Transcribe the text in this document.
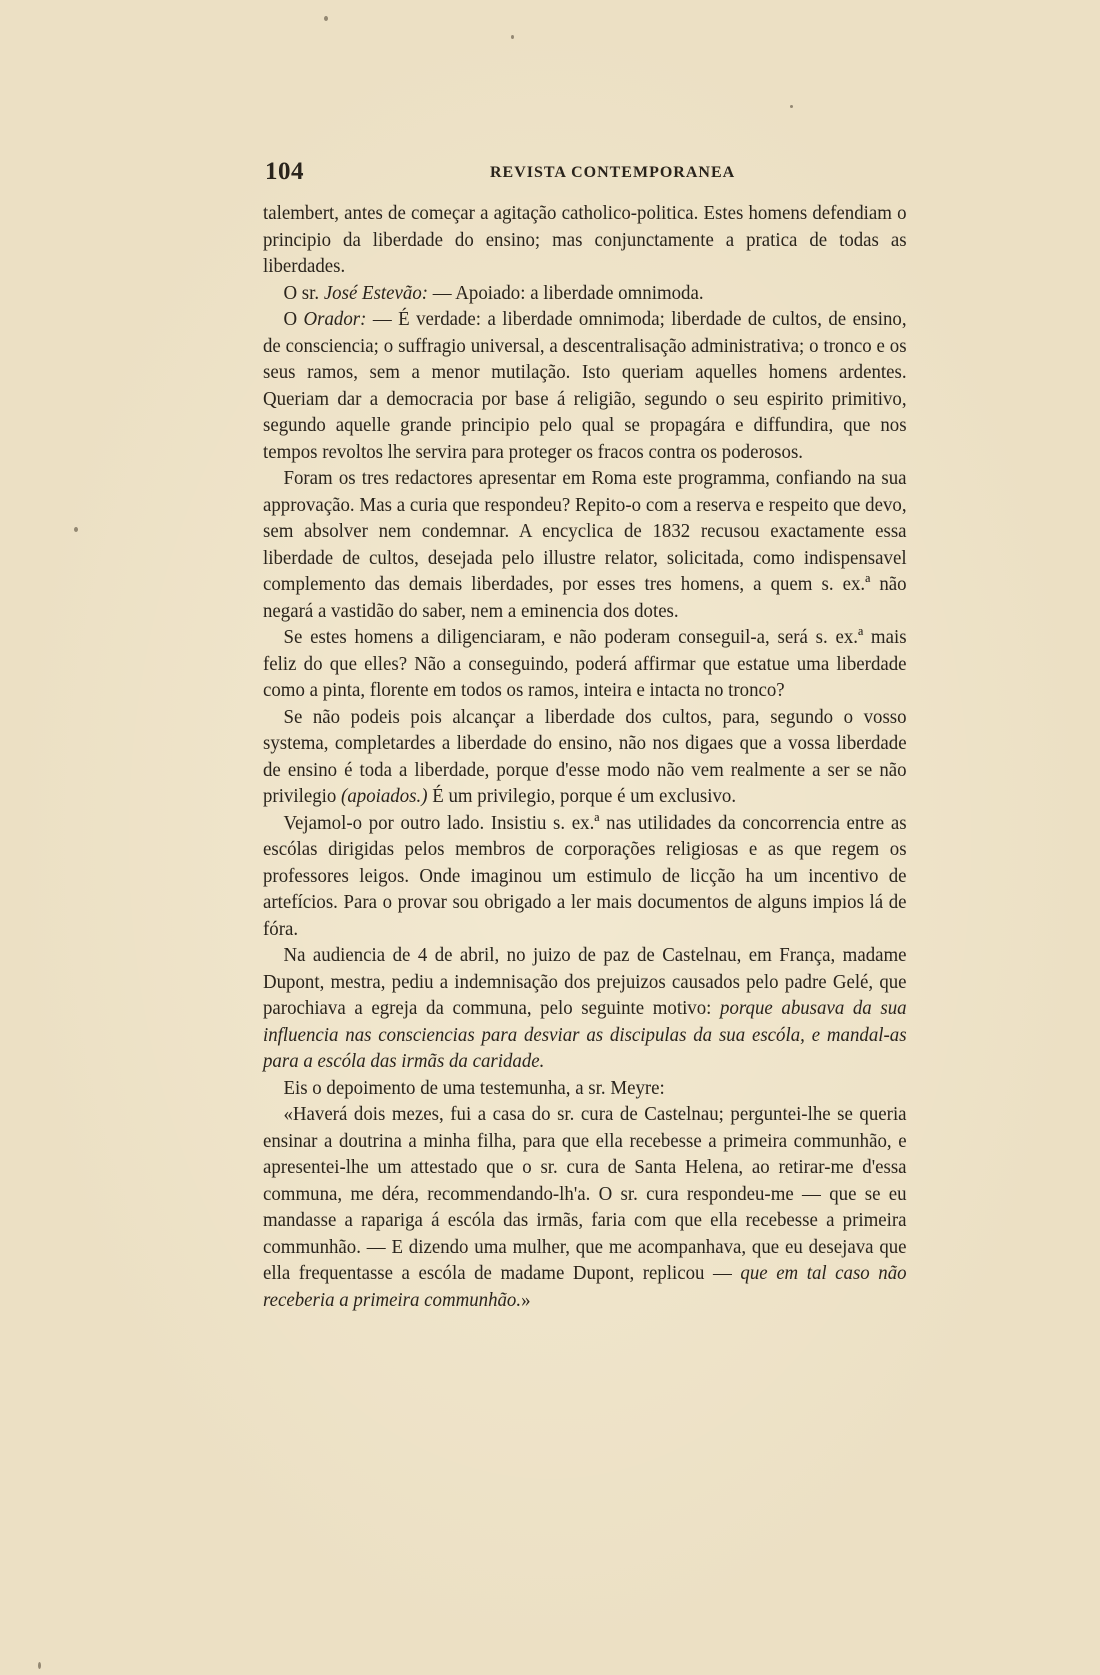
104	REVISTA CONTEMPORANEA

talembert, antes de começar a agitação catholico-politica. Estes homens defendiam o principio da liberdade do ensino; mas conjunctamente a pratica de todas as liberdades.

O sr. José Estevão: — Apoiado: a liberdade omnimoda.

O Orador: — É verdade: a liberdade omnimoda; liberdade de cultos, de ensino, de consciencia; o suffragio universal, a descentralisação administrativa; o tronco e os seus ramos, sem a menor mutilação. Isto queriam aquelles homens ardentes. Queriam dar a democracia por base á religião, segundo o seu espirito primitivo, segundo aquelle grande principio pelo qual se propagára e diffundira, que nos tempos revoltos lhe servira para proteger os fracos contra os poderosos.

Foram os tres redactores apresentar em Roma este programma, confiando na sua approvação. Mas a curia que respondeu? Repito-o com a reserva e respeito que devo, sem absolver nem condemnar. A encyclica de 1832 recusou exactamente essa liberdade de cultos, desejada pelo illustre relator, solicitada, como indispensavel complemento das demais liberdades, por esses tres homens, a quem s. ex.ª não negará a vastidão do saber, nem a eminencia dos dotes.

Se estes homens a diligenciaram, e não poderam conseguil-a, será s. ex.ª mais feliz do que elles? Não a conseguindo, poderá affirmar que estatue uma liberdade como a pinta, florente em todos os ramos, inteira e intacta no tronco?

Se não podeis pois alcançar a liberdade dos cultos, para, segundo o vosso systema, completardes a liberdade do ensino, não nos digaes que a vossa liberdade de ensino é toda a liberdade, porque d'esse modo não vem realmente a ser se não privilegio (apoiados.) É um privilegio, porque é um exclusivo.

Vejamol-o por outro lado. Insistiu s. ex.ª nas utilidades da concorrencia entre as escólas dirigidas pelos membros de corporações religiosas e as que regem os professores leigos. Onde imaginou um estimulo de licção ha um incentivo de artefícios. Para o provar sou obrigado a ler mais documentos de alguns impios lá de fóra.

Na audiencia de 4 de abril, no juizo de paz de Castelnau, em França, madame Dupont, mestra, pediu a indemnisação dos prejuizos causados pelo padre Gelé, que parochiava a egreja da communa, pelo seguinte motivo: porque abusava da sua influencia nas consciencias para desviar as discipulas da sua escóla, e mandal-as para a escóla das irmãs da caridade.

Eis o depoimento de uma testemunha, a sr. Meyre:

«Haverá dois mezes, fui a casa do sr. cura de Castelnau; perguntei-lhe se queria ensinar a doutrina a minha filha, para que ella recebesse a primeira communhão, e apresentei-lhe um attestado que o sr. cura de Santa Helena, ao retirar-me d'essa communa, me déra, recommendando-lh'a. O sr. cura respondeu-me — que se eu mandasse a rapariga á escóla das irmãs, faria com que ella recebesse a primeira communhão. — E dizendo uma mulher, que me acompanhava, que eu desejava que ella frequentasse a escóla de madame Dupont, replicou — que em tal caso não receberia a primeira communhão.»
